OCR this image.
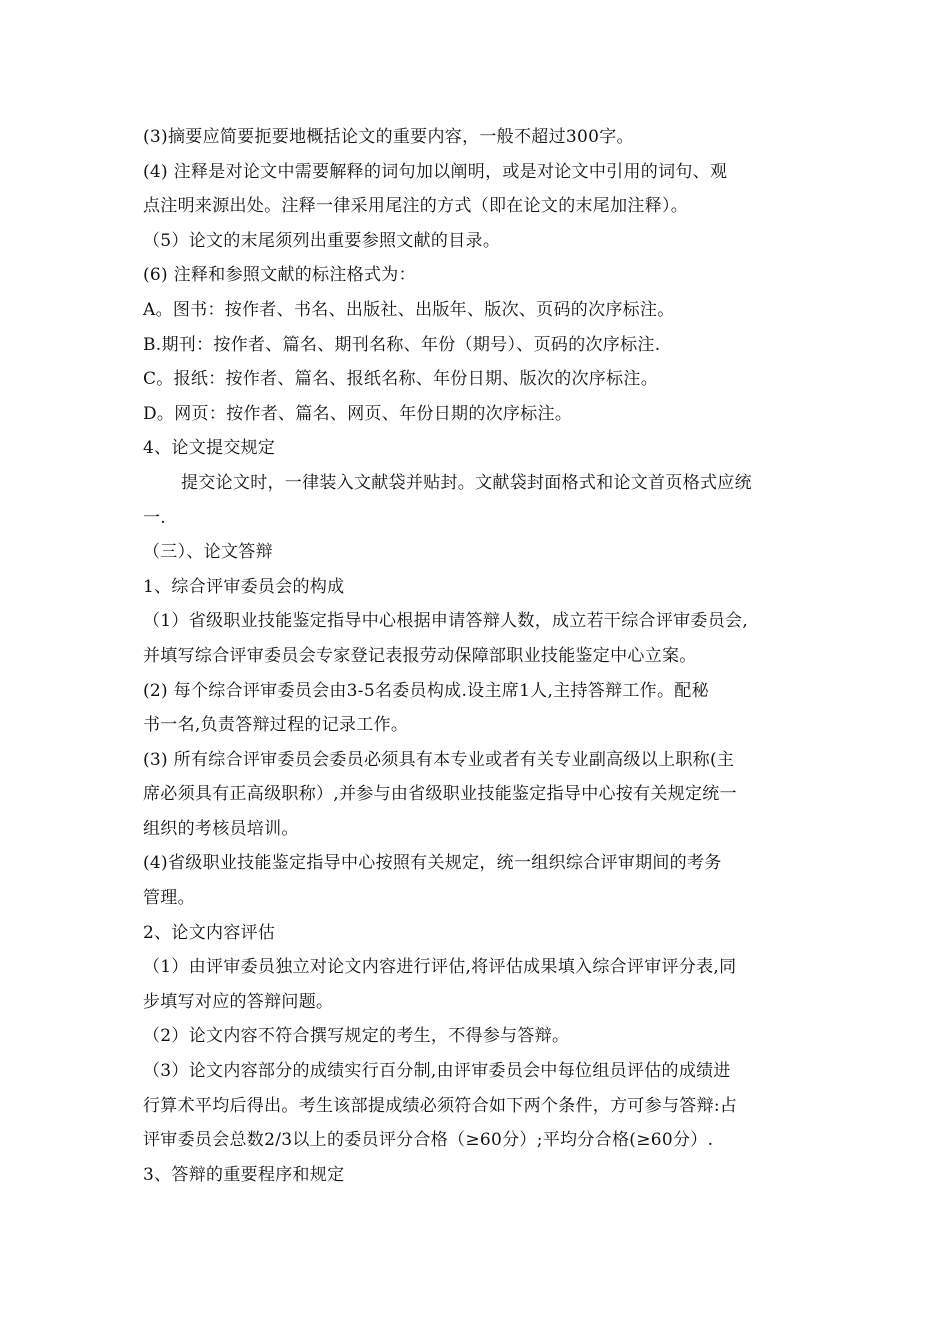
(3)摘要应简要扼要地概括论文的重要内容，一般不超过300字。
(4) 注释是对论文中需要解释的词句加以阐明，或是对论文中引用的词句、观
点注明来源出处。注释一律采用尾注的方式（即在论文的末尾加注释）。
（5）论文的末尾须列出重要参照文献的目录。
(6) 注释和参照文献的标注格式为：
A。图书：按作者、书名、出版社、出版年、版次、页码的次序标注。
B.期刊：按作者、篇名、期刊名称、年份（期号）、页码的次序标注.
C。报纸：按作者、篇名、报纸名称、年份日期、版次的次序标注。
D。网页：按作者、篇名、网页、年份日期的次序标注。
4、论文提交规定
提交论文时，一律装入文献袋并贴封。文献袋封面格式和论文首页格式应统
一.
（三）、论文答辩
1、综合评审委员会的构成
（1）省级职业技能鉴定指导中心根据申请答辩人数，成立若干综合评审委员会,
并填写综合评审委员会专家登记表报劳动保障部职业技能鉴定中心立案。
(2) 每个综合评审委员会由3-5名委员构成.设主席1人,主持答辩工作。配秘
书一名,负责答辩过程的记录工作。
(3) 所有综合评审委员会委员必须具有本专业或者有关专业副高级以上职称(主
席必须具有正高级职称）,并参与由省级职业技能鉴定指导中心按有关规定统一
组织的考核员培训。
(4)省级职业技能鉴定指导中心按照有关规定，统一组织综合评审期间的考务
管理。
2、论文内容评估
（1）由评审委员独立对论文内容进行评估,将评估成果填入综合评审评分表,同
步填写对应的答辩问题。
（2）论文内容不符合撰写规定的考生，不得参与答辩。
（3）论文内容部分的成绩实行百分制,由评审委员会中每位组员评估的成绩进
行算术平均后得出。考生该部提成绩必须符合如下两个条件，方可参与答辩:占
评审委员会总数2/3以上的委员评分合格（≥60分）;平均分合格(≥60分）.
3、答辩的重要程序和规定
